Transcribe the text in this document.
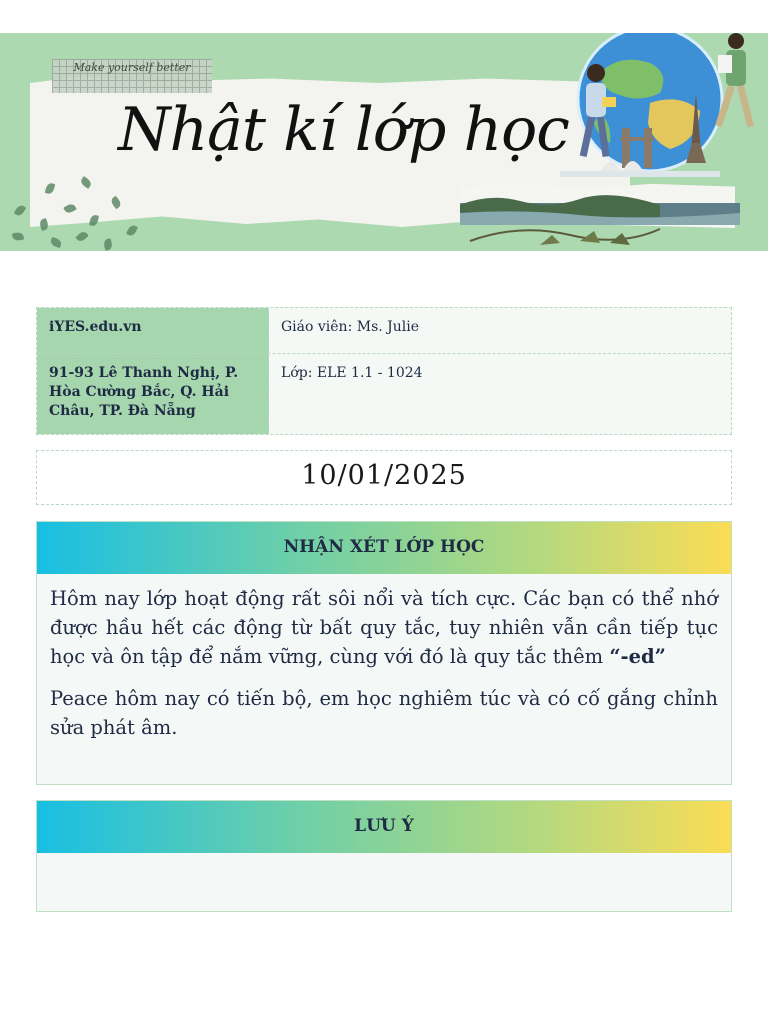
Make yourself better
Nhật kí lớp học
iYES.edu.vn	Giáo viên: Ms. Julie
91-93 Lê Thanh Nghị, P. Hòa Cường Bắc, Q. Hải Châu, TP. Đà Nẵng
Lớp: ELE 1.1 - 1024
10/01/2025
NHẬN XÉT LỚP HỌC

Hôm nay lớp hoạt động rất sôi nổi và tích cực. Các bạn có thể nhớ được hầu hết các động từ bất quy tắc, tuy nhiên vẫn cần tiếp tục học và ôn tập để nắm vững, cùng với đó là quy tắc thêm “-ed”

Peace hôm nay có tiến bộ, em học nghiêm túc và có cố gắng chỉnh sửa phát âm.

LƯU Ý
